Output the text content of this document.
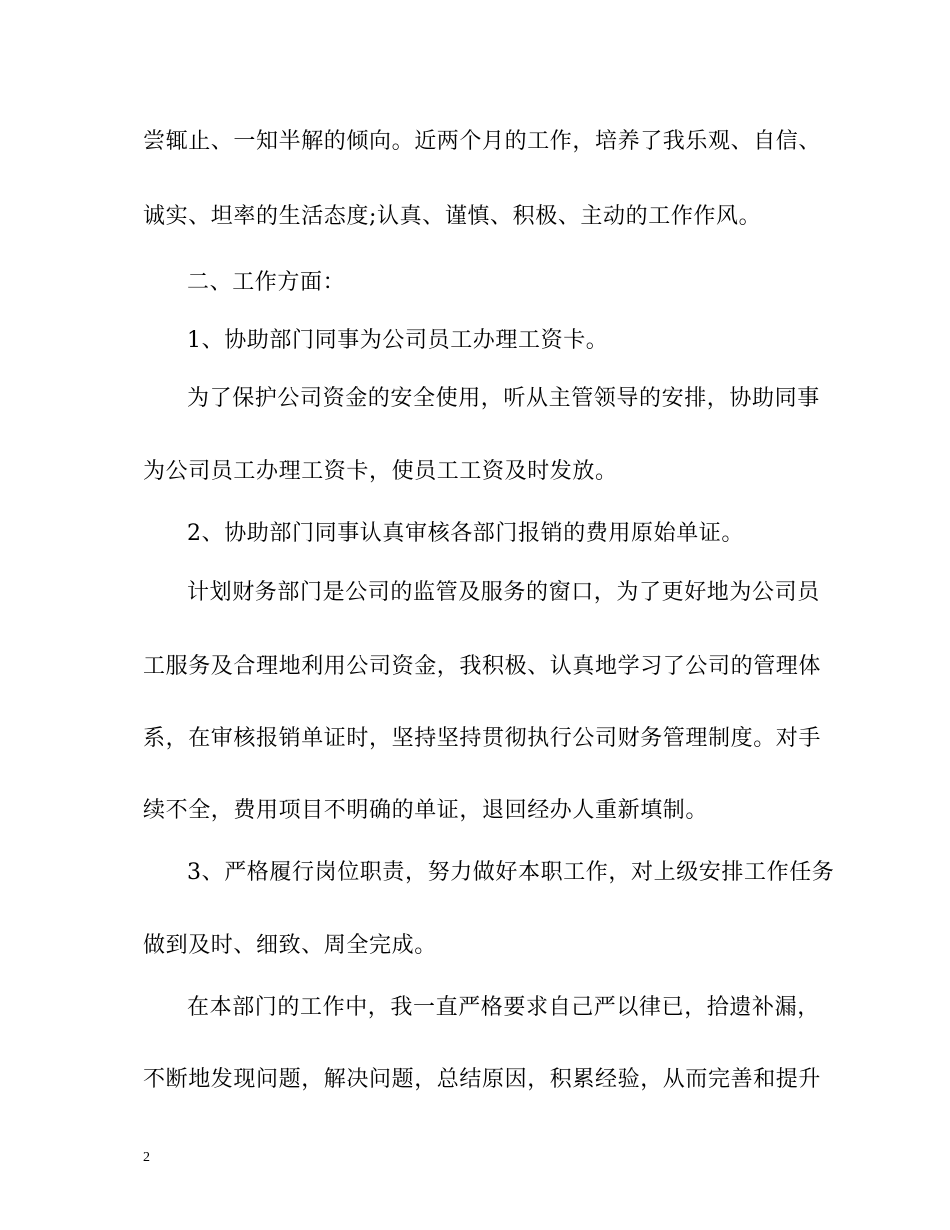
尝辄止、一知半解的倾向。近两个月的工作，培养了我乐观、自信、
诚实、坦率的生活态度;认真、谨慎、积极、主动的工作作风。
二、工作方面：
1、协助部门同事为公司员工办理工资卡。
为了保护公司资金的安全使用，听从主管领导的安排，协助同事
为公司员工办理工资卡，使员工工资及时发放。
2、协助部门同事认真审核各部门报销的费用原始单证。
计划财务部门是公司的监管及服务的窗口，为了更好地为公司员
工服务及合理地利用公司资金，我积极、认真地学习了公司的管理体
系，在审核报销单证时，坚持坚持贯彻执行公司财务管理制度。对手
续不全，费用项目不明确的单证，退回经办人重新填制。
3、严格履行岗位职责，努力做好本职工作，对上级安排工作任务
做到及时、细致、周全完成。
在本部门的工作中，我一直严格要求自己严以律已，拾遗补漏，
不断地发现问题，解决问题，总结原因，积累经验，从而完善和提升
2
